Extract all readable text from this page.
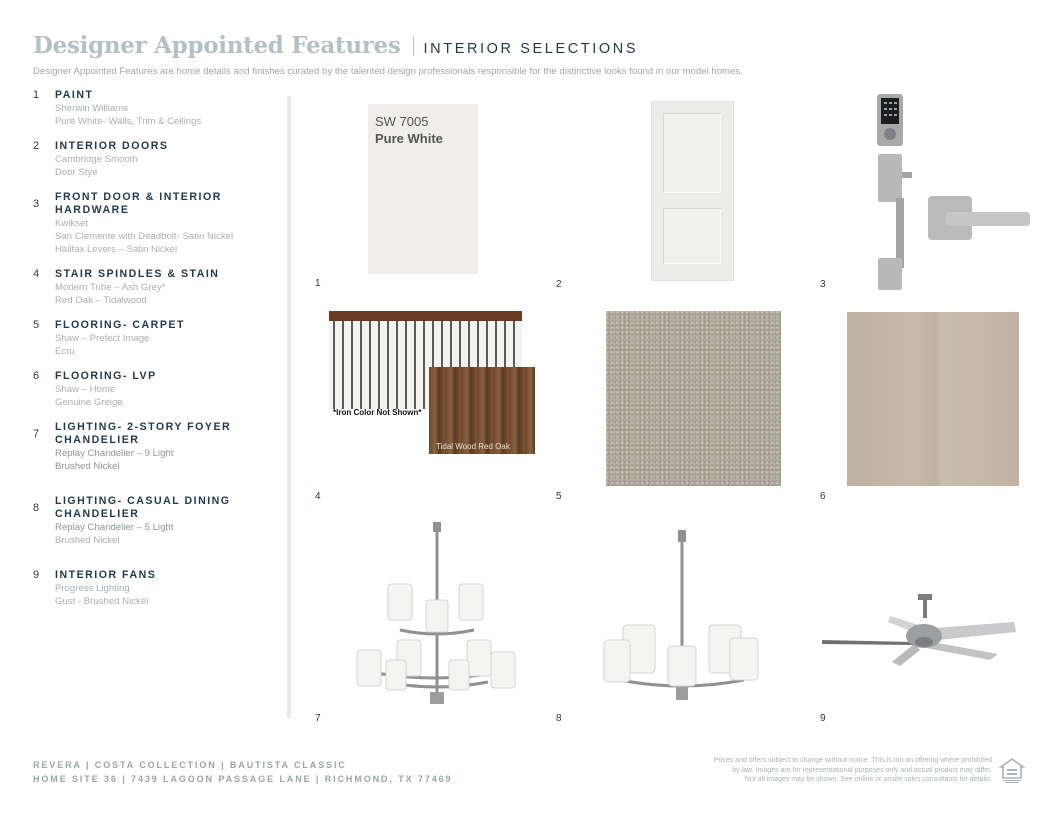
Designer Appointed Features INTERIOR SELECTIONS
Designer Appointed Features are home details and finishes curated by the talented design professionals responsible for the distinctive looks found in our model homes.
1 PAINT
Sherwin Williams
Pure White- Walls, Trim & Ceilings
2 INTERIOR DOORS
Cambridge Smooth
Door Stye
3
FRONT DOOR & INTERIOR
HARDWARE
Kwikset
San Clemente with Deadbolt- Satin Nickel
Halifax Levers – Satin Nickel
4 STAIR SPINDLES & STAIN
Modern Tube – Ash Grey*
Red Oak – Tidalwood
5 FLOORING- CARPET
Shaw – Prefect Image
Ecru
6 FLOORING- LVP
Shaw – Home
Genuine Greige
7
LIGHTING- 2-STORY FOYER
CHANDELIER
Replay Chandelier – 9 Light
Brushed Nickel
8
LIGHTING- CASUAL DINING
CHANDELIER
Replay Chandelier – 5 Light
Brushed Nickel
9 INTERIOR FANS
Progress Lighting
Gust - Brushed Nickel
SW 7005
Pure White
1	2	3
*Iron Color Not Shown*
Tidal Wood Red Oak
4	5	6
7	8	9
REVERA | COSTA COLLECTION | BAUTISTA CLASSIC
HOME SITE 36 | 7439 LAGOON PASSAGE LANE | RICHMOND, TX 77469
Prices and offers subject to change without notice. This is not an offering where prohibited
by law. Images are for representational purposes only and actual product may differ.
Not all images may be shown. See online or onsite sales consultants for details.
